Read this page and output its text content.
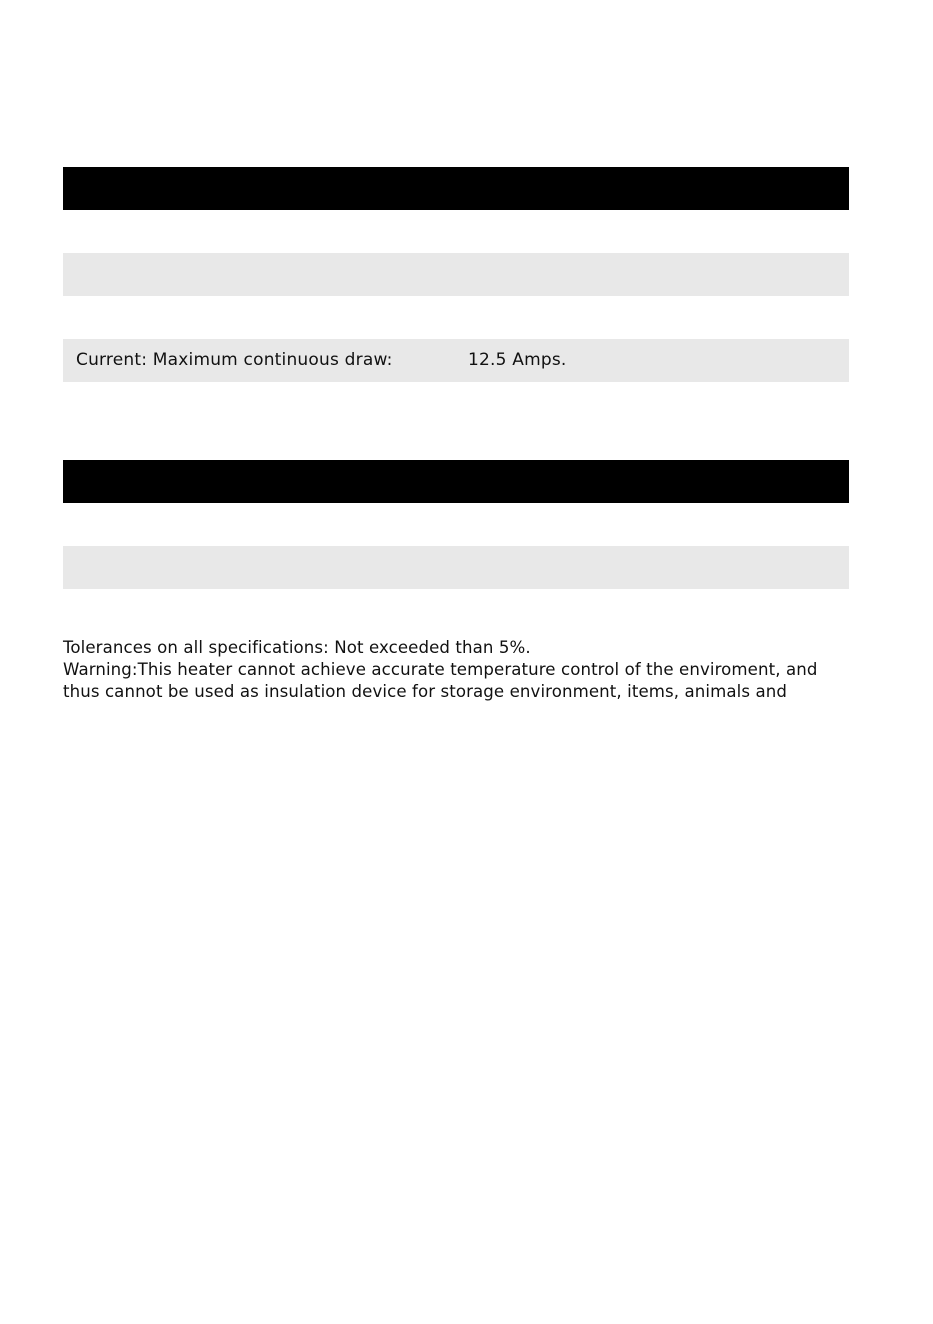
Current: Maximum continuous draw:	12.5 Amps.

Tolerances on all specifications: Not exceeded than 5%.

Warning:This heater cannot achieve accurate temperature control of the enviroment, and

thus cannot be used as insulation device for storage environment, items, animals and
